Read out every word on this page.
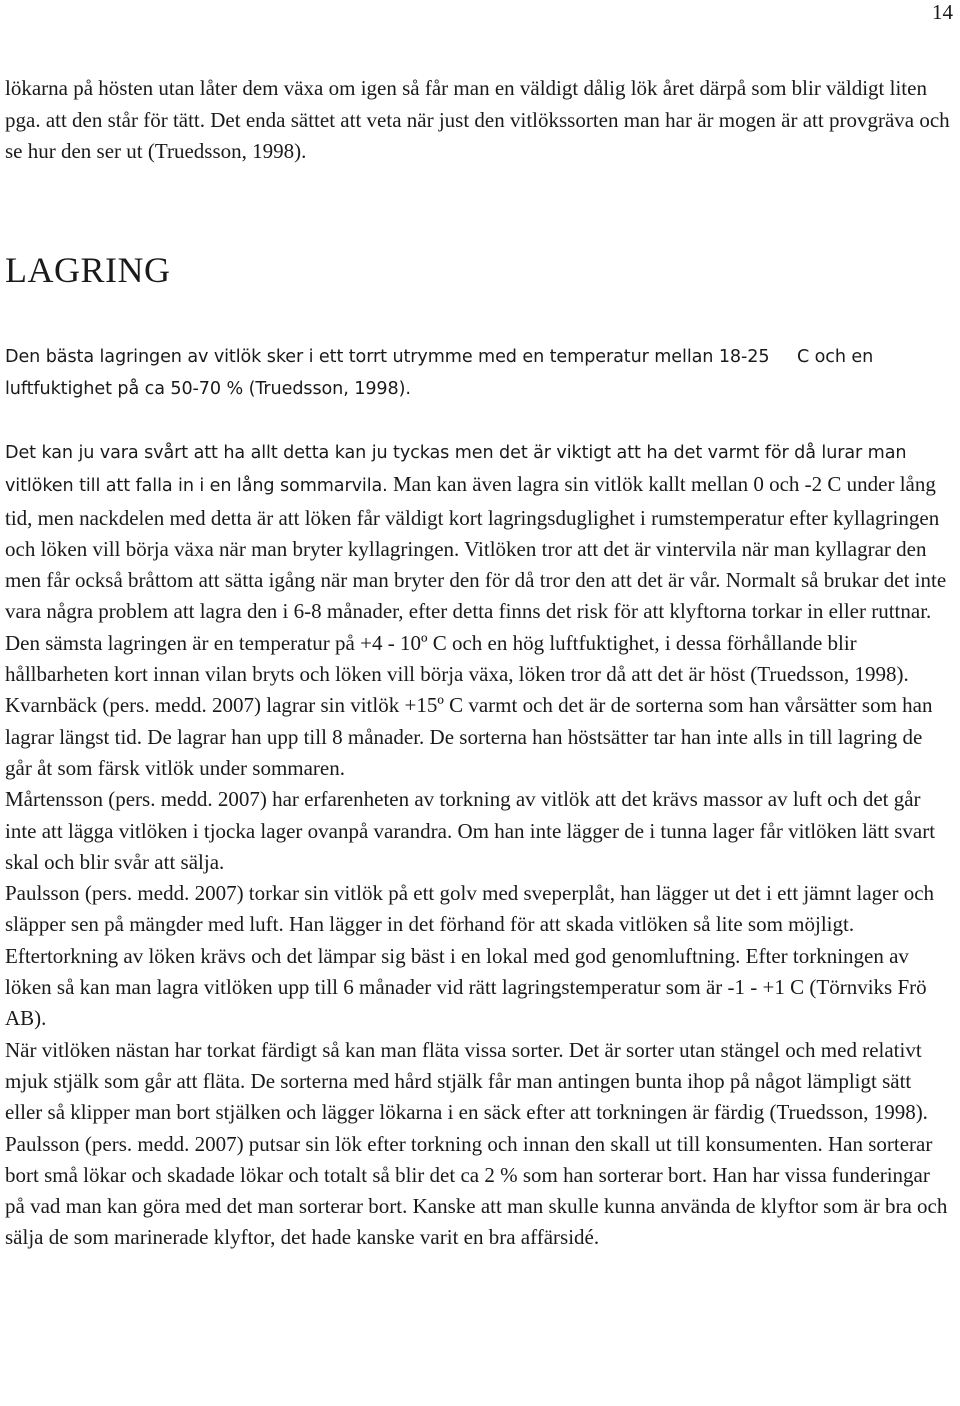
14

lökarna på hösten utan låter dem växa om igen så får man en väldigt dålig lök året därpå som blir väldigt liten pga. att den står för tätt. Det enda sättet att veta när just den vitlökssorten man har är mogen är att provgräva och se hur den ser ut (Truedsson, 1998).

LAGRING
Den bästa lagringen av vitlök sker i ett torrt utrymme med en temperatur mellan 18-25 C och en luftfuktighet på ca 50-70 % (Truedsson, 1998).

Det kan ju vara svårt att ha allt detta kan ju tyckas men det är viktigt att ha det varmt för då lurar man vitlöken till att falla in i en lång sommarvila. Man kan även lagra sin vitlök kallt mellan 0 och -2 C under lång tid, men nackdelen med detta är att löken får väldigt kort lagringsduglighet i rumstemperatur efter kyllagringen och löken vill börja växa när man bryter kyllagringen. Vitlöken tror att det är vintervila när man kyllagrar den men får också bråttom att sätta igång när man bryter den för då tror den att det är vår. Normalt så brukar det inte vara några problem att lagra den i 6-8 månader, efter detta finns det risk för att klyftorna torkar in eller ruttnar.

Den sämsta lagringen är en temperatur på +4 - 10º C och en hög luftfuktighet, i dessa förhållande blir hållbarheten kort innan vilan bryts och löken vill börja växa, löken tror då att det är höst (Truedsson, 1998).

Kvarnbäck (pers. medd. 2007) lagrar sin vitlök +15º C varmt och det är de sorterna som han vårsätter som han lagrar längst tid. De lagrar han upp till 8 månader. De sorterna han höstsätter tar han inte alls in till lagring de går åt som färsk vitlök under sommaren.

Mårtensson (pers. medd. 2007) har erfarenheten av torkning av vitlök att det krävs massor av luft och det går inte att lägga vitlöken i tjocka lager ovanpå varandra. Om han inte lägger de i tunna lager får vitlöken lätt svart skal och blir svår att sälja.

Paulsson (pers. medd. 2007) torkar sin vitlök på ett golv med sveperplåt, han lägger ut det i ett jämnt lager och släpper sen på mängder med luft. Han lägger in det förhand för att skada vitlöken så lite som möjligt.

Eftertorkning av löken krävs och det lämpar sig bäst i en lokal med god genomluftning. Efter torkningen av löken så kan man lagra vitlöken upp till 6 månader vid rätt lagringstemperatur som är -1 - +1 C (Törnviks Frö AB).

När vitlöken nästan har torkat färdigt så kan man fläta vissa sorter. Det är sorter utan stängel och med relativt mjuk stjälk som går att fläta. De sorterna med hård stjälk får man antingen bunta ihop på något lämpligt sätt eller så klipper man bort stjälken och lägger lökarna i en säck efter att torkningen är färdig (Truedsson, 1998).

Paulsson (pers. medd. 2007) putsar sin lök efter torkning och innan den skall ut till konsumenten. Han sorterar bort små lökar och skadade lökar och totalt så blir det ca 2 % som han sorterar bort. Han har vissa funderingar på vad man kan göra med det man sorterar bort. Kanske att man skulle kunna använda de klyftor som är bra och sälja de som marinerade klyftor, det hade kanske varit en bra affärsidé.
